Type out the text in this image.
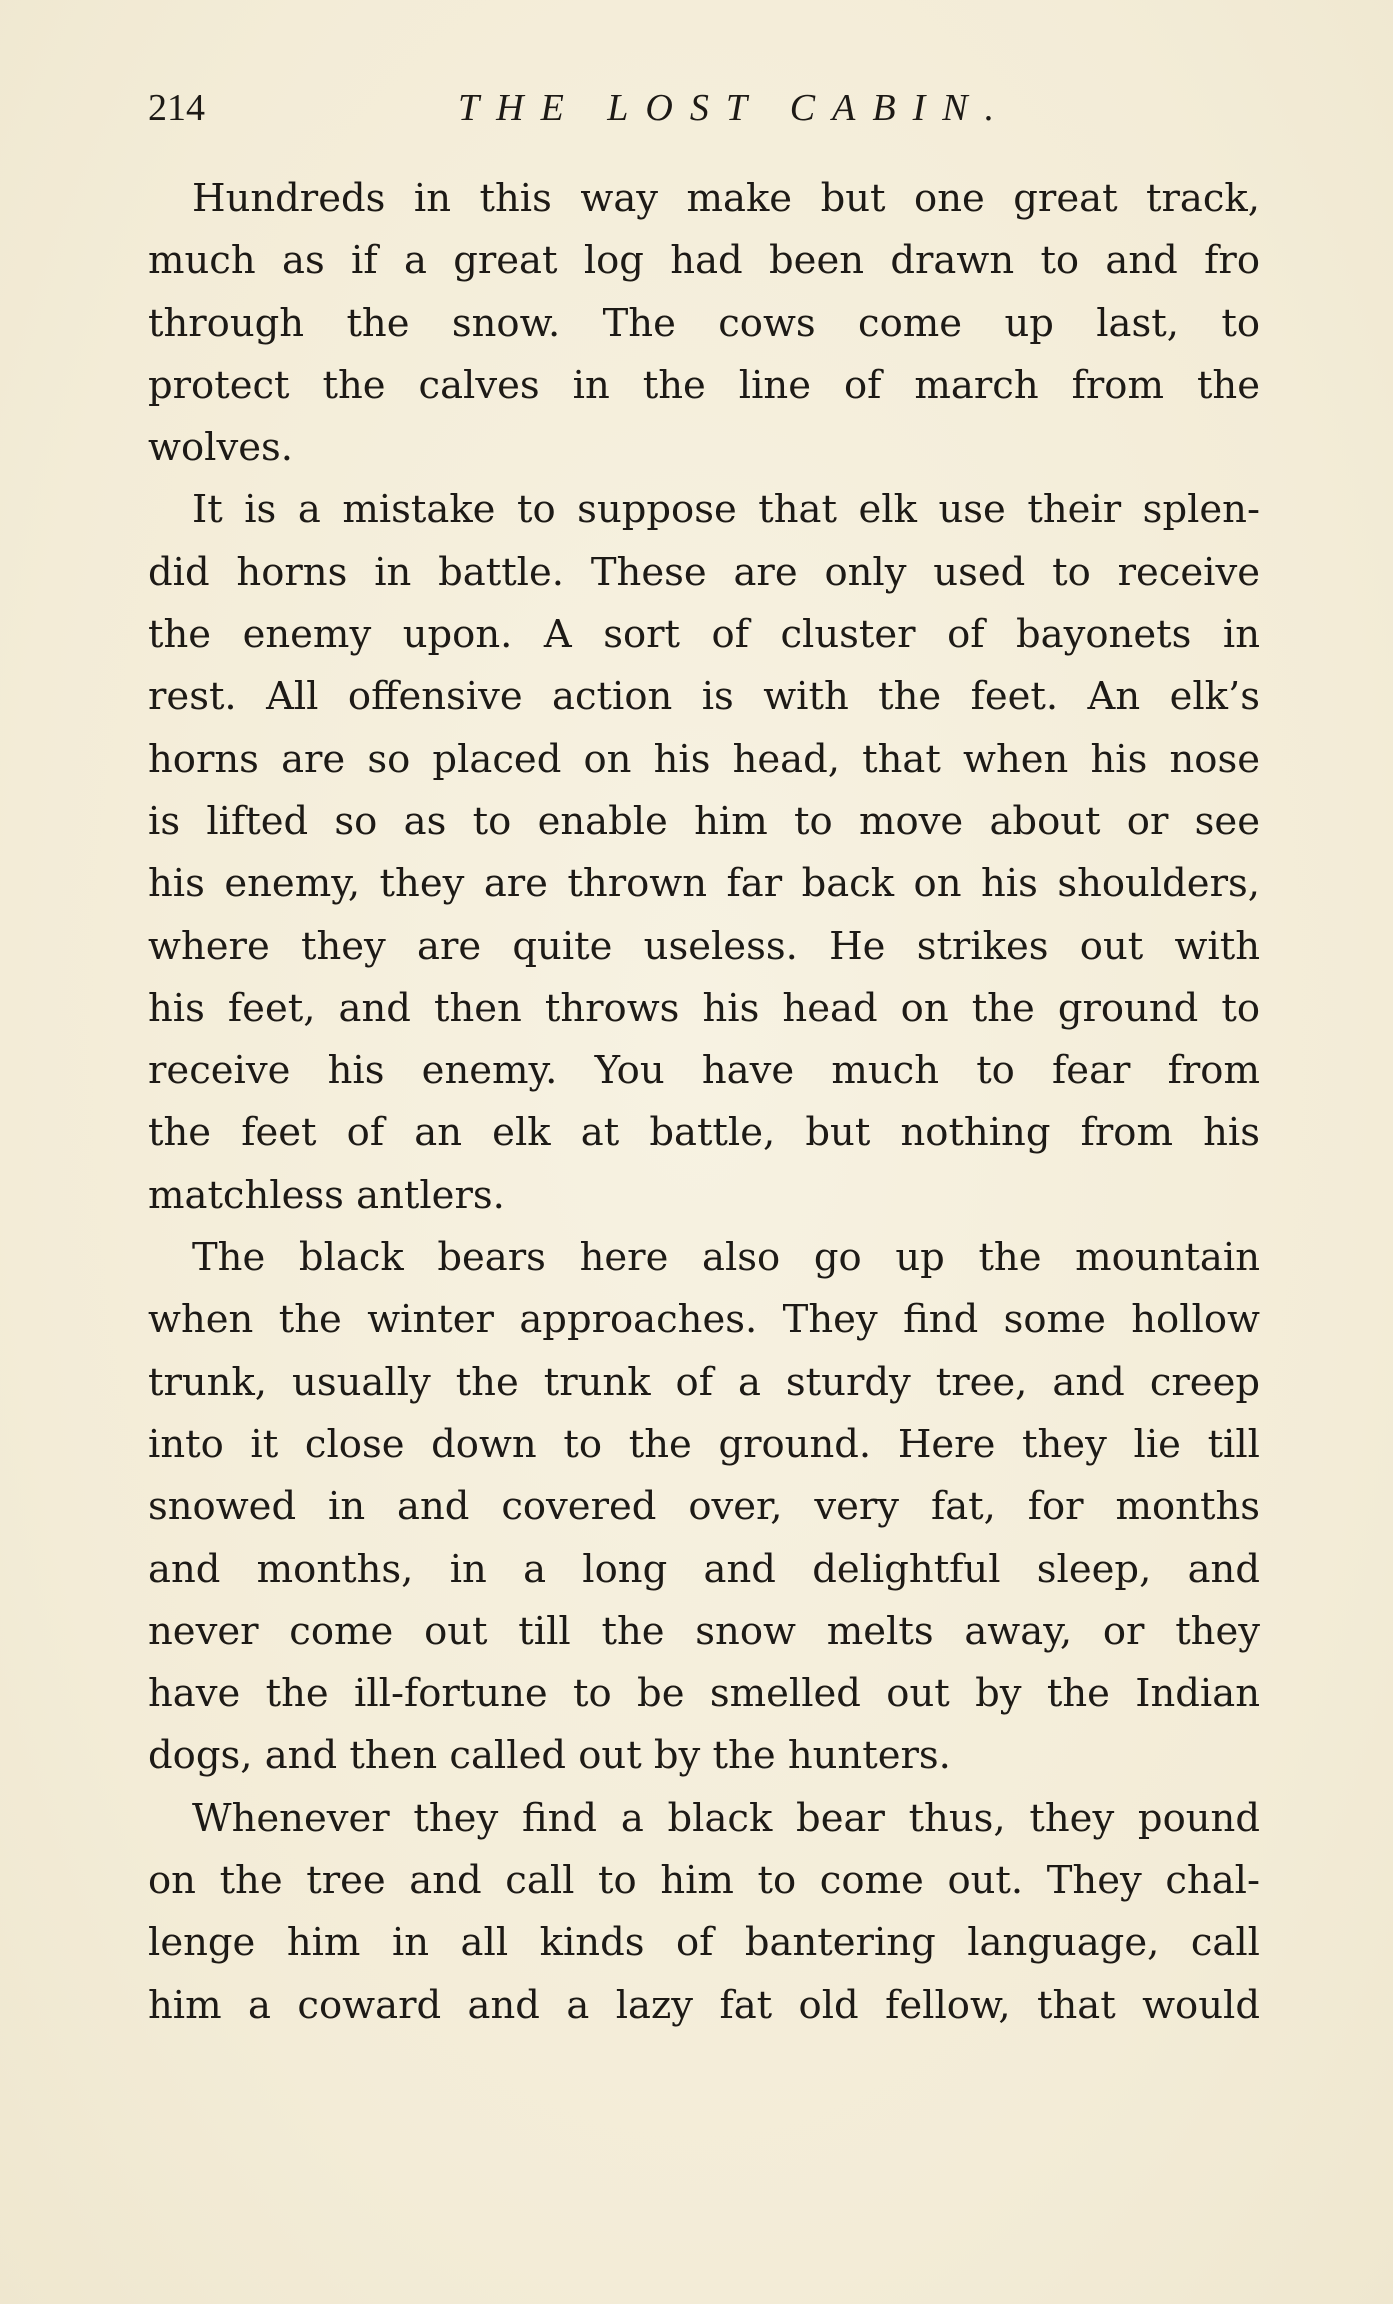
214	THE LOST CABIN.
Hundreds in this way make but one great track,
much as if a great log had been drawn to and fro
through the snow. The cows come up last, to
protect the calves in the line of march from the
wolves.
It is a mistake to suppose that elk use their splen-
did horns in battle. These are only used to receive
the enemy upon. A sort of cluster of bayonets in
rest. All offensive action is with the feet. An elk’s
horns are so placed on his head, that when his nose
is lifted so as to enable him to move about or see
his enemy, they are thrown far back on his shoulders,
where they are quite useless. He strikes out with
his feet, and then throws his head on the ground to
receive his enemy. You have much to fear from
the feet of an elk at battle, but nothing from his
matchless antlers.
The black bears here also go up the mountain
when the winter approaches. They find some hollow
trunk, usually the trunk of a sturdy tree, and creep
into it close down to the ground. Here they lie till
snowed in and covered over, very fat, for months
and months, in a long and delightful sleep, and
never come out till the snow melts away, or they
have the ill-fortune to be smelled out by the Indian
dogs, and then called out by the hunters.
Whenever they find a black bear thus, they pound
on the tree and call to him to come out. They chal-
lenge him in all kinds of bantering language, call
him a coward and a lazy fat old fellow, that would
